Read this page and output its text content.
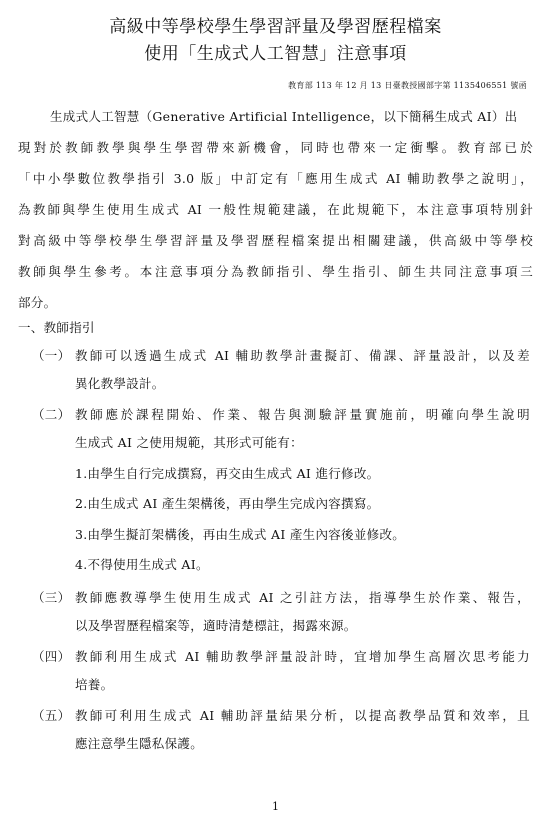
高級中等學校學生學習評量及學習歷程檔案
使用「生成式人工智慧」注意事項
教育部 113 年 12 月 13 日臺教授國部字第 1135406551 號函
生成式人工智慧（Generative Artificial Intelligence，以下簡稱生成式 AI）出
現對於教師教學與學生學習帶來新機會，同時也帶來一定衝擊。教育部已於
「中小學數位教學指引 3.0 版」中訂定有「應用生成式 AI 輔助教學之說明」，
為教師與學生使用生成式 AI 一般性規範建議，在此規範下，本注意事項特別針
對高級中等學校學生學習評量及學習歷程檔案提出相關建議，供高級中等學校
教師與學生參考。本注意事項分為教師指引、學生指引、師生共同注意事項三
部分。
一、教師指引
（一） 教師可以透過生成式 AI 輔助教學計畫擬訂、備課、評量設計，以及差
異化教學設計。
（二） 教師應於課程開始、作業、報告與測驗評量實施前，明確向學生說明
生成式 AI 之使用規範，其形式可能有：
1.由學生自行完成撰寫，再交由生成式 AI 進行修改。
2.由生成式 AI 產生架構後，再由學生完成內容撰寫。
3.由學生擬訂架構後，再由生成式 AI 產生內容後並修改。
4.不得使用生成式 AI。
（三） 教師應教導學生使用生成式 AI 之引註方法，指導學生於作業、報告，
以及學習歷程檔案等，適時清楚標註，揭露來源。
（四） 教師利用生成式 AI 輔助教學評量設計時，宜增加學生高層次思考能力
培養。
（五） 教師可利用生成式 AI 輔助評量結果分析，以提高教學品質和效率，且
應注意學生隱私保護。
1
